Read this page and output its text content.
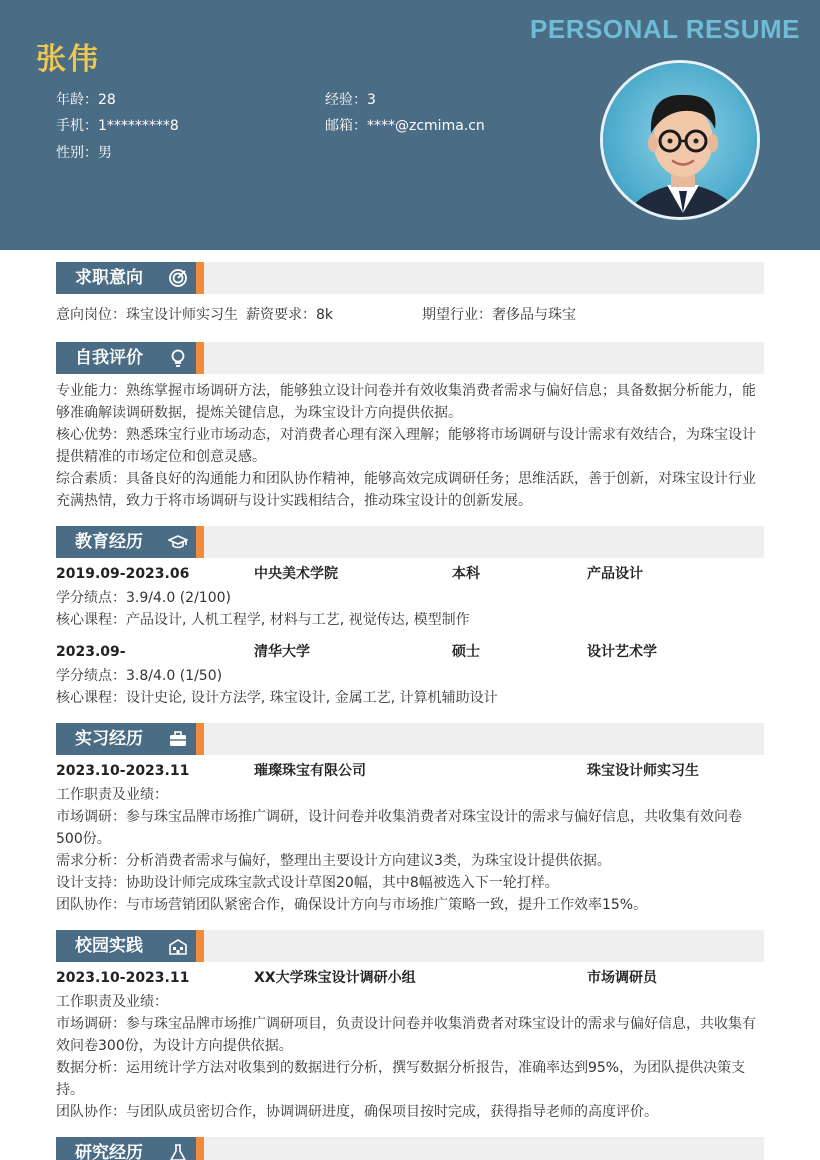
张伟
PERSONAL RESUME
年龄：28
手机：1*********8
性别：男
经验：3
邮箱：****@zcmima.cn
求职意向
意向岗位：珠宝设计师实习生 薪资要求：8k	期望行业：奢侈品与珠宝
自我评价
专业能力：熟练掌握市场调研方法，能够独立设计问卷并有效收集消费者需求与偏好信息；具备数据分析能力，能够准确解读调研数据，提炼关键信息，为珠宝设计方向提供依据。
核心优势：熟悉珠宝行业市场动态，对消费者心理有深入理解；能够将市场调研与设计需求有效结合，为珠宝设计提供精准的市场定位和创意灵感。
综合素质：具备良好的沟通能力和团队协作精神，能够高效完成调研任务；思维活跃，善于创新，对珠宝设计行业充满热情，致力于将市场调研与设计实践相结合，推动珠宝设计的创新发展。
教育经历
2019.09-2023.06	中央美术学院	本科	产品设计
学分绩点：3.9/4.0 (2/100)
核心课程：产品设计, 人机工程学, 材料与工艺, 视觉传达, 模型制作
2023.09-	清华大学	硕士	设计艺术学
学分绩点：3.8/4.0 (1/50)
核心课程：设计史论, 设计方法学, 珠宝设计, 金属工艺, 计算机辅助设计
实习经历
2023.10-2023.11	璀璨珠宝有限公司	珠宝设计师实习生
工作职责及业绩：
市场调研：参与珠宝品牌市场推广调研，设计问卷并收集消费者对珠宝设计的需求与偏好信息，共收集有效问卷500份。
需求分析：分析消费者需求与偏好，整理出主要设计方向建议3类，为珠宝设计提供依据。
设计支持：协助设计师完成珠宝款式设计草图20幅，其中8幅被选入下一轮打样。
团队协作：与市场营销团队紧密合作，确保设计方向与市场推广策略一致，提升工作效率15%。
校园实践
2023.10-2023.11	XX大学珠宝设计调研小组	市场调研员
工作职责及业绩：
市场调研：参与珠宝品牌市场推广调研项目，负责设计问卷并收集消费者对珠宝设计的需求与偏好信息，共收集有效问卷300份，为设计方向提供依据。
数据分析：运用统计学方法对收集到的数据进行分析，撰写数据分析报告，准确率达到95%，为团队提供决策支持。
团队协作：与团队成员密切合作，协调调研进度，确保项目按时完成，获得指导老师的高度评价。
研究经历
